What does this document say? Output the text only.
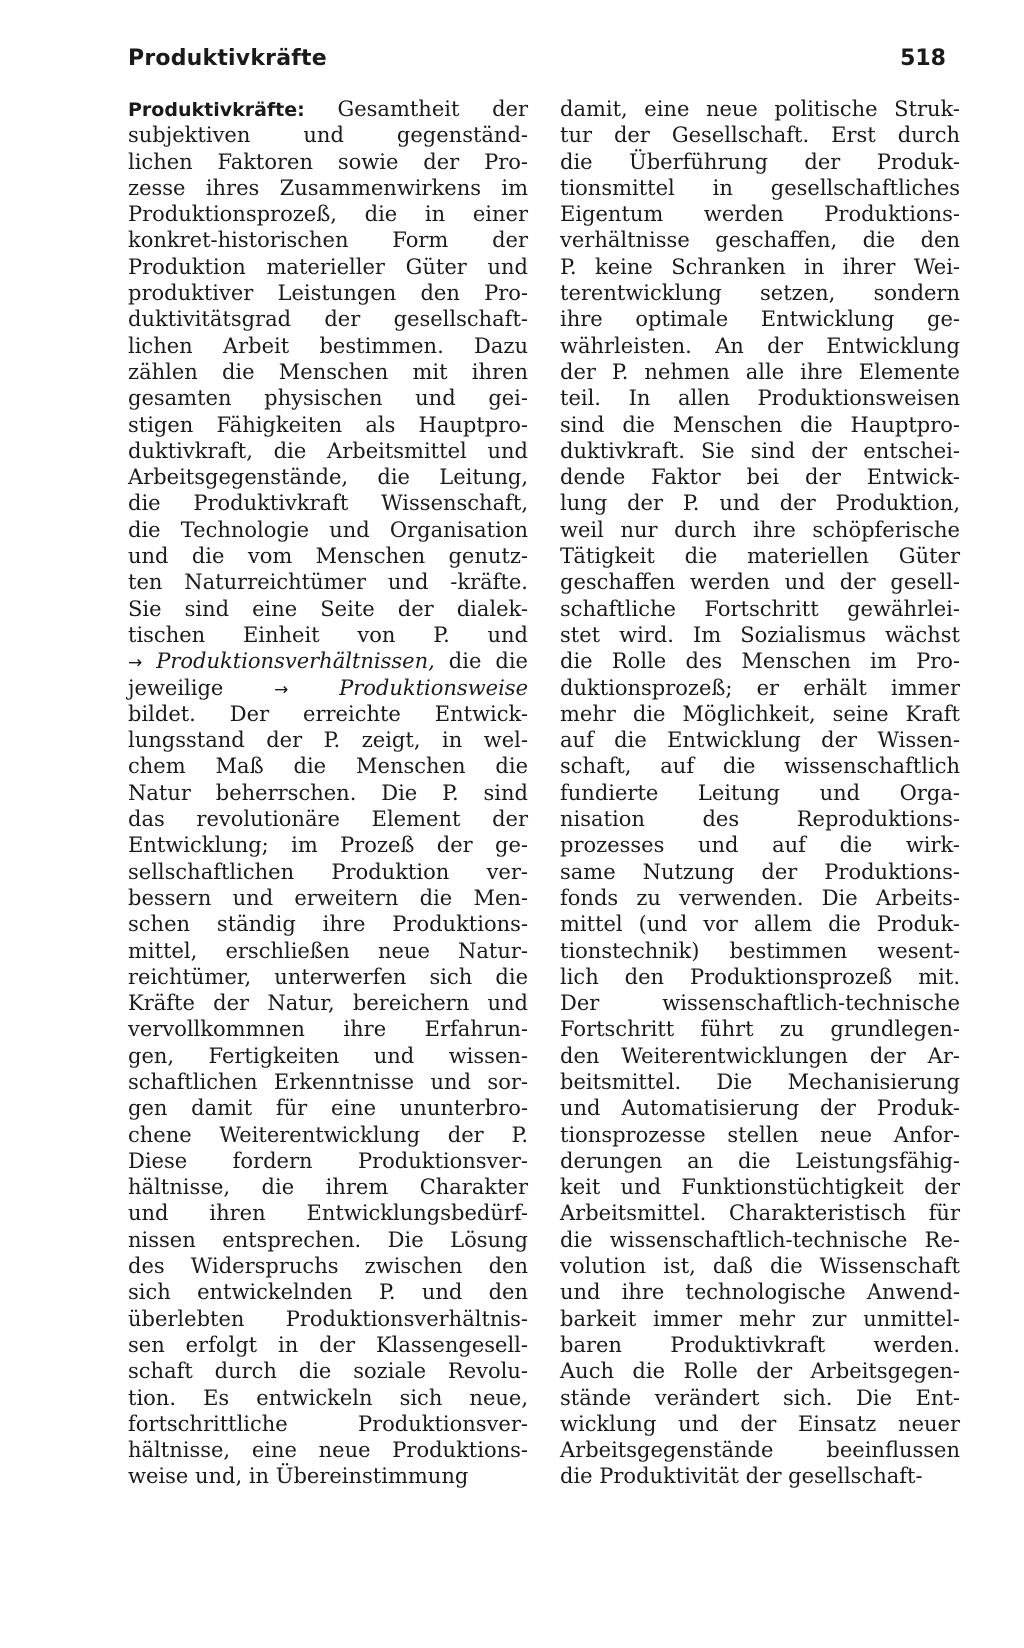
Produktivkräfte	518
Produktivkräfte: Gesamtheit der
subjektiven und gegenständ-
lichen Faktoren sowie der Pro-
zesse ihres Zusammenwirkens im
Produktionsprozeß, die in einer
konkret-historischen Form der
Produktion materieller Güter und
produktiver Leistungen den Pro-
duktivitätsgrad der gesellschaft-
lichen Arbeit bestimmen. Dazu
zählen die Menschen mit ihren
gesamten physischen und gei-
stigen Fähigkeiten als Hauptpro-
duktivkraft, die Arbeitsmittel und
Arbeitsgegenstände, die Leitung,
die Produktivkraft Wissenschaft,
die Technologie und Organisation
und die vom Menschen genutz-
ten Naturreichtümer und -kräfte.
Sie sind eine Seite der dialek-
tischen Einheit von P. und
→ Produktionsverhältnissen, die die
jeweilige	→ Produktionsweise
bildet. Der erreichte Entwick-
lungsstand der P. zeigt, in wel-
chem Maß die Menschen die
Natur beherrschen. Die P. sind
das revolutionäre Element der
Entwicklung; im Prozeß der ge-
sellschaftlichen Produktion ver-
bessern und erweitern die Men-
schen ständig ihre Produktions-
mittel, erschließen neue Natur-
reichtümer, unterwerfen sich die
Kräfte der Natur, bereichern und
vervollkommnen ihre Erfahrun-
gen, Fertigkeiten und wissen-
schaftlichen Erkenntnisse und sor-
gen damit für eine ununterbro-
chene Weiterentwicklung der P.
Diese fordern Produktionsver-
hältnisse, die ihrem Charakter
und ihren Entwicklungsbedürf-
nissen entsprechen. Die Lösung
des Widerspruchs zwischen den
sich entwickelnden P. und den
überlebten Produktionsverhältnis-
sen erfolgt in der Klassengesell-
schaft durch die soziale Revolu-
tion. Es entwickeln sich neue,
fortschrittliche Produktionsver-
hältnisse, eine neue Produktions-
weise und, in Übereinstimmung
damit, eine neue politische Struk-
tur der Gesellschaft. Erst durch
die Überführung der Produk-
tionsmittel in gesellschaftliches
Eigentum werden Produktions-
verhältnisse geschaffen, die den
P. keine Schranken in ihrer Wei-
terentwicklung setzen, sondern
ihre optimale Entwicklung ge-
währleisten. An der Entwicklung
der P. nehmen alle ihre Elemente
teil. In allen Produktionsweisen
sind die Menschen die Hauptpro-
duktivkraft. Sie sind der entschei-
dende Faktor bei der Entwick-
lung der P. und der Produktion,
weil nur durch ihre schöpferische
Tätigkeit die materiellen Güter
geschaffen werden und der gesell-
schaftliche Fortschritt gewährlei-
stet wird. Im Sozialismus wächst
die Rolle des Menschen im Pro-
duktionsprozeß; er erhält immer
mehr die Möglichkeit, seine Kraft
auf die Entwicklung der Wissen-
schaft, auf die wissenschaftlich
fundierte Leitung und Orga-
nisation des Reproduktions-
prozesses und auf die wirk-
same Nutzung der Produktions-
fonds zu verwenden. Die Arbeits-
mittel (und vor allem die Produk-
tionstechnik) bestimmen wesent-
lich den Produktionsprozeß mit.
Der wissenschaftlich-technische
Fortschritt führt zu grundlegen-
den Weiterentwicklungen der Ar-
beitsmittel. Die Mechanisierung
und Automatisierung der Produk-
tionsprozesse stellen neue Anfor-
derungen an die Leistungsfähig-
keit und Funktionstüchtigkeit der
Arbeitsmittel. Charakteristisch für
die wissenschaftlich-technische Re-
volution ist, daß die Wissenschaft
und ihre technologische Anwend-
barkeit immer mehr zur unmittel-
baren Produktivkraft werden.
Auch die Rolle der Arbeitsgegen-
stände verändert sich. Die Ent-
wicklung und der Einsatz neuer
Arbeitsgegenstände beeinflussen
die Produktivität der gesellschaft-
